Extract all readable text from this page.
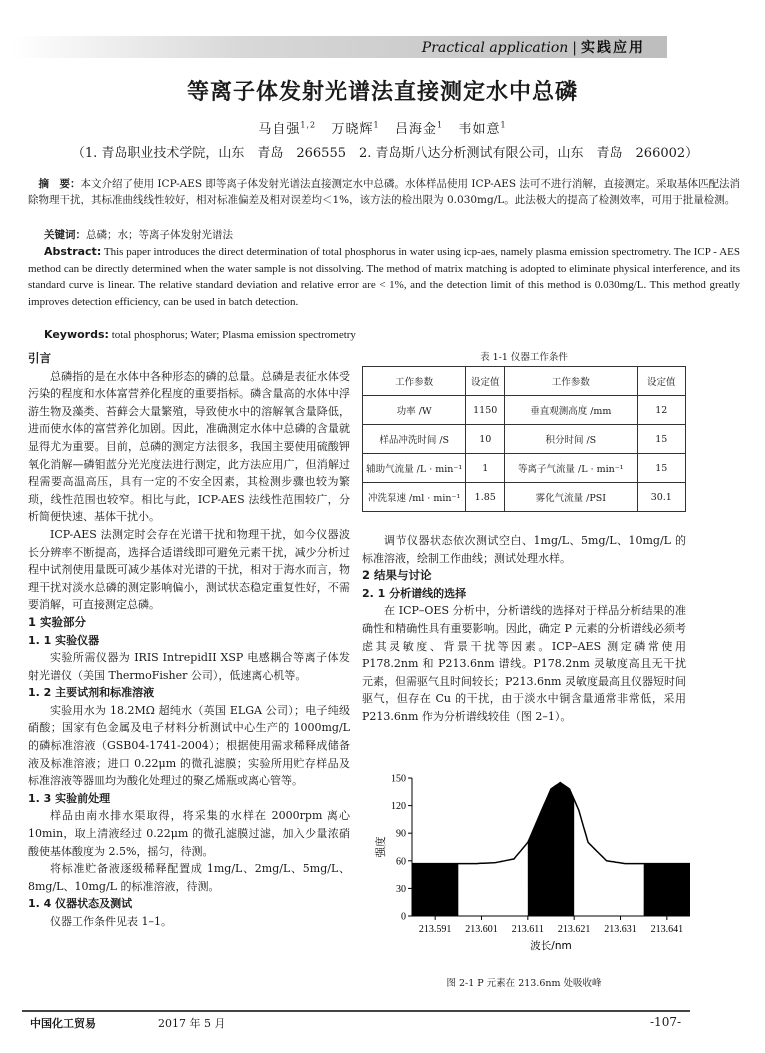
Practical application | 实践应用
等离子体发射光谱法直接测定水中总磷
马自强$^{1,2}$ 万晓辉$^1$ 吕海金$^1$ 韦如意$^1$
（1. 青岛职业技术学院，山东　青岛　266555　2. 青岛斯八达分析测试有限公司，山东　青岛　266002）

摘　要：本文介绍了使用 ICP-AES 即等离子体发射光谱法直接测定水中总磷。水体样品使用 ICP-AES 法可不进行消解，直接测定。采取基体匹配法消除物理干扰，其标准曲线线性较好，相对标准偏差及相对误差均＜1%，该方法的检出限为 0.030mg/L。此法极大的提高了检测效率，可用于批量检测。

关键词：总磷；水；等离子体发射光谱法
Abstract: This paper introduces the direct determination of total phosphorus in water using icp-aes, namely plasma emission spectrometry. The ICP - AES method can be directly determined when the water sample is not dissolving. The method of matrix matching is adopted to eliminate physical interference, and its standard curve is linear. The relative standard deviation and relative error are < 1%, and the detection limit of this method is 0.030mg/L. This method greatly improves detection efficiency, can be used in batch detection.
Keywords: total phosphorus; Water; Plasma emission spectrometry
引言

总磷指的是在水体中各种形态的磷的总量。总磷是表征水体受污染的程度和水体富营养化程度的重要指标。磷含量高的水体中浮游生物及藻类、苔藓会大量繁殖，导致使水中的溶解氧含量降低，进而使水体的富营养化加剧。因此，准确测定水体中总磷的含量就显得尤为重要。目前，总磷的测定方法很多，我国主要使用硫酸钾氧化消解—磷钼蓝分光光度法进行测定，此方法应用广，但消解过程需要高温高压，具有一定的不安全因素，其检测步骤也较为繁琐，线性范围也较窄。相比与此，ICP-AES 法线性范围较广，分析简便快速、基体干扰小。

ICP-AES 法测定时会存在光谱干扰和物理干扰，如今仪器波长分辨率不断提高，选择合适谱线即可避免元素干扰，减少分析过程中试剂使用量既可减少基体对光谱的干扰，相对于海水而言，物理干扰对淡水总磷的测定影响偏小，测试状态稳定重复性好，不需要消解，可直接测定总磷。

1 实验部分
1. 1 实验仪器

实验所需仪器为 IRIS IntrepidII XSP 电感耦合等离子体发射光谱仪（美国 ThermoFisher 公司），低速离心机等。

1. 2 主要试剂和标准溶液

实验用水为 18.2MΩ 超纯水（英国 ELGA 公司）；电子纯级硝酸；国家有色金属及电子材料分析测试中心生产的 1000mg/L 的磷标准溶液（GSB04-1741-2004）；根据使用需求稀释成储备液及标准溶液；进口 0.22μm 的微孔滤膜；实验所用贮存样品及标准溶液等器皿均为酸化处理过的聚乙烯瓶或离心管等。

1. 3 实验前处理

样品由南水排水渠取得，将采集的水样在 2000rpm 离心 10min，取上清液经过 0.22μm 的微孔滤膜过滤，加入少量浓硝酸使基体酸度为 2.5%，摇匀，待测。

将标准贮备液逐级稀释配置成 1mg/L、2mg/L、5mg/L、8mg/L、10mg/L 的标准溶液，待测。

1. 4 仪器状态及测试

仪器工作条件见表 1–1。

表 1-1 仪器工作条件
工作参数	设定值	工作参数	设定值
功率 /W	1150	垂直观测高度 /mm	12
样品冲洗时间 /S	10	积分时间 /S	15
辅助气流量 /L · min⁻¹	1	等离子气流量 /L · min⁻¹	15
冲洗泵速 /ml · min⁻¹	1.85	雾化气流量 /PSI	30.1

调节仪器状态依次测试空白、1mg/L、5mg/L、10mg/L 的标准溶液，绘制工作曲线；测试处理水样。

2 结果与讨论
2. 1 分析谱线的选择

在 ICP–OES 分析中，分析谱线的选择对于样品分析结果的准确性和精确性具有重要影响。因此，确定 P 元素的分析谱线必须考虑其灵敏度、背景干扰等因素。ICP–AES 测定磷常使用 P178.2nm 和 P213.6nm 谱线。P178.2nm 灵敏度高且无干扰元素，但需驱气且时间较长；P213.6nm 灵敏度最高且仪器短时间驱气，但存在 Cu 的干扰，由于淡水中铜含量通常非常低，采用 P213.6nm 作为分析谱线较佳（图 2–1）。

0
30
60
90
120
150
213.591 213.601 213.611 213.621 213.631 213.641
波长/nm
强度
图 2-1 P 元素在 213.6nm 处吸收峰
中国化工贸易	2017 年 5 月	-107-
